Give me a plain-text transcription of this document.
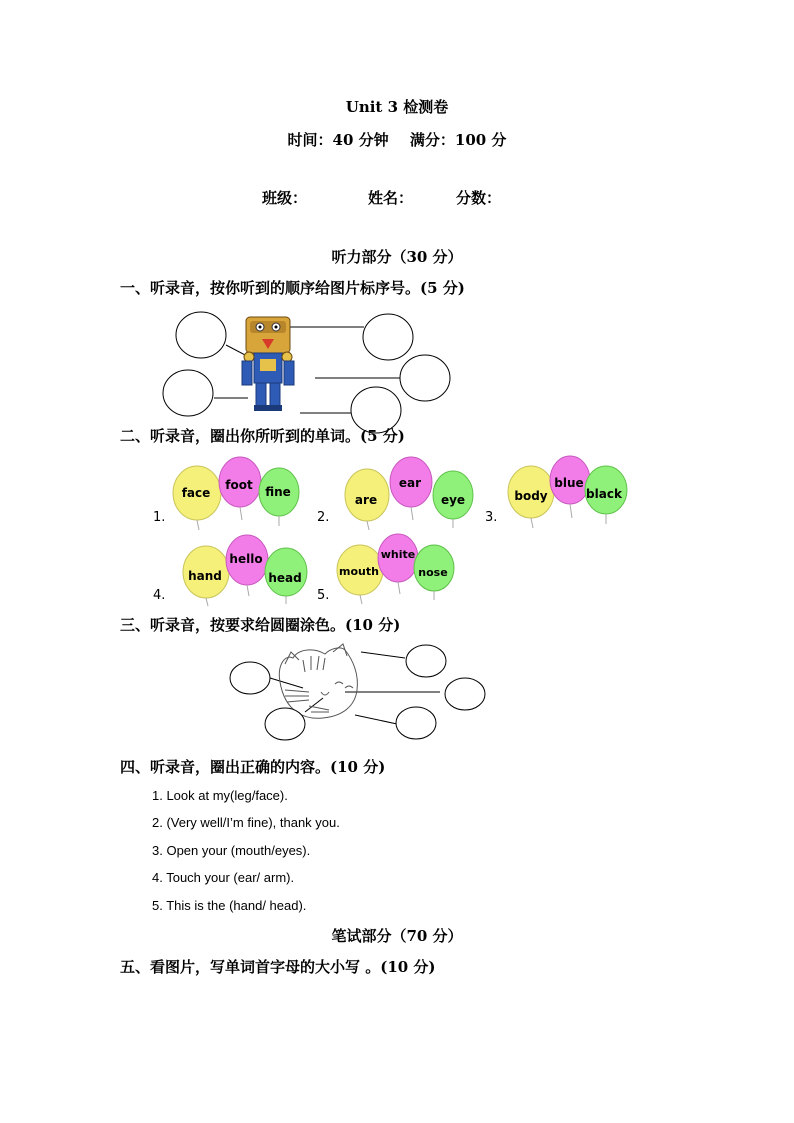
Unit 3 检测卷
时间：40 分钟 满分：100 分
班级：	姓名：	分数：
听力部分（30 分）
一、听录音，按你听到的顺序给图片标序号。(5 分)
二、听录音，圈出你所听到的单词。(5 分)
1.
face
foot fine
2.
are
ear
eye
3.
body
blue
black
4.
hand
hello
head
5.
mouth
white
nose
三、听录音，按要求给圆圈涂色。(10 分)
四、听录音，圈出正确的内容。(10 分)
1. Look at my(leg/face).
2. (Very well/I’m fine), thank you.
3. Open your (mouth/eyes).
4. Touch your (ear/ arm).
5. This is the (hand/ head).
笔试部分（70 分）
五、看图片，写单词首字母的大小写 。(10 分)
